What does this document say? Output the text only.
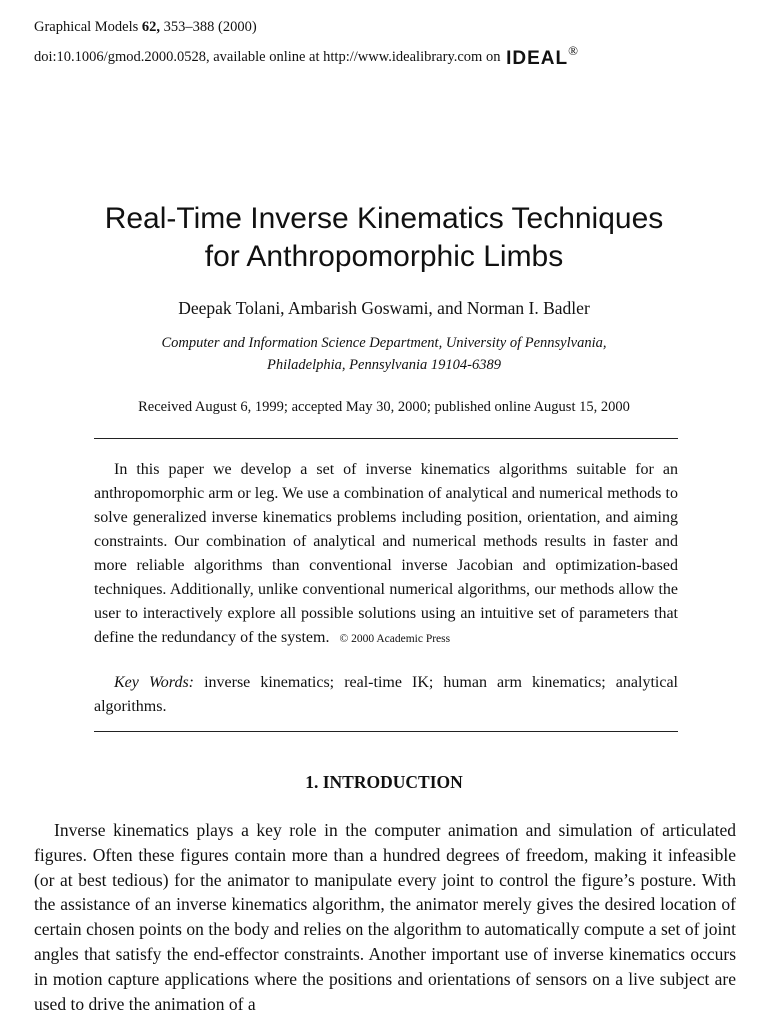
Graphical Models 62, 353–388 (2000)
doi:10.1006/gmod.2000.0528, available online at http://www.idealibrary.com on IDEAL®
Real-Time Inverse Kinematics Techniques
for Anthropomorphic Limbs
Deepak Tolani, Ambarish Goswami, and Norman I. Badler
Computer and Information Science Department, University of Pennsylvania,
Philadelphia, Pennsylvania 19104-6389
Received August 6, 1999; accepted May 30, 2000; published online August 15, 2000

In this paper we develop a set of inverse kinematics algorithms suitable for an anthropomorphic arm or leg. We use a combination of analytical and numerical methods to solve generalized inverse kinematics problems including position, orientation, and aiming constraints. Our combination of analytical and numerical methods results in faster and more reliable algorithms than conventional inverse Jacobian and optimization-based techniques. Additionally, unlike conventional numerical algorithms, our methods allow the user to interactively explore all possible solutions using an intuitive set of parameters that define the redundancy of the system. © 2000 Academic Press

Key Words: inverse kinematics; real-time IK; human arm kinematics; analytical algorithms.

1. INTRODUCTION

Inverse kinematics plays a key role in the computer animation and simulation of articulated figures. Often these figures contain more than a hundred degrees of freedom, making it infeasible (or at best tedious) for the animator to manipulate every joint to control the figure’s posture. With the assistance of an inverse kinematics algorithm, the animator merely gives the desired location of certain chosen points on the body and relies on the algorithm to automatically compute a set of joint angles that satisfy the end-effector constraints. Another important use of inverse kinematics occurs in motion capture applications where the positions and orientations of sensors on a live subject are used to drive the animation of a
